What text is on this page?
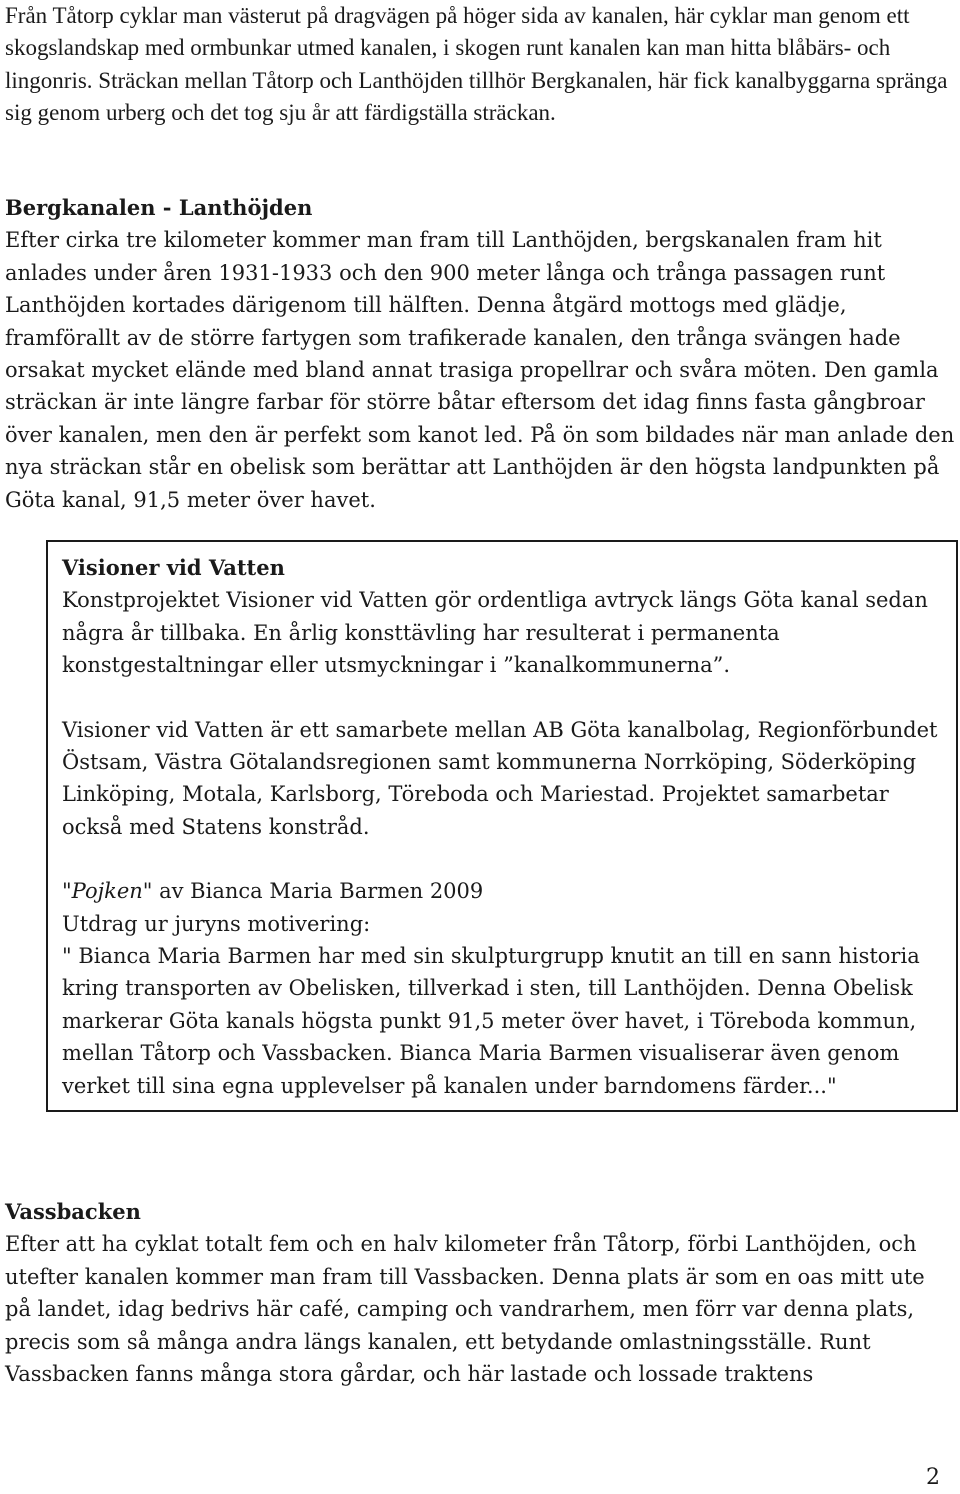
Från Tåtorp cyklar man västerut på dragvägen på höger sida av kanalen, här cyklar man genom ett skogslandskap med ormbunkar utmed kanalen, i skogen runt kanalen kan man hitta blåbärs- och lingonris. Sträckan mellan Tåtorp och Lanthöjden tillhör Bergkanalen, här fick kanalbyggarna spränga sig genom urberg och det tog sju år att färdigställa sträckan.

Bergkanalen - Lanthöjden

Efter cirka tre kilometer kommer man fram till Lanthöjden, bergskanalen fram hit anlades under åren 1931-1933 och den 900 meter långa och trånga passagen runt Lanthöjden kortades därigenom till hälften. Denna åtgärd mottogs med glädje, framförallt av de större fartygen som trafikerade kanalen, den trånga svängen hade orsakat mycket elände med bland annat trasiga propellrar och svåra möten. Den gamla sträckan är inte längre farbar för större båtar eftersom det idag finns fasta gångbroar över kanalen, men den är perfekt som kanot led. På ön som bildades när man anlade den nya sträckan står en obelisk som berättar att Lanthöjden är den högsta landpunkten på Göta kanal, 91,5 meter över havet.

Visioner vid Vatten

Konstprojektet Visioner vid Vatten gör ordentliga avtryck längs Göta kanal sedan några år tillbaka. En årlig konsttävling har resulterat i permanenta konstgestaltningar eller utsmyckningar i ”kanalkommunerna”.

Visioner vid Vatten är ett samarbete mellan AB Göta kanalbolag, Regionförbundet Östsam, Västra Götalandsregionen samt kommunerna Norrköping, Söderköping Linköping, Motala, Karlsborg, Töreboda och Mariestad. Projektet samarbetar också med Statens konstråd.

"Pojken" av Bianca Maria Barmen 2009

Utdrag ur juryns motivering:

" Bianca Maria Barmen har med sin skulpturgrupp knutit an till en sann historia kring transporten av Obelisken, tillverkad i sten, till Lanthöjden. Denna Obelisk markerar Göta kanals högsta punkt 91,5 meter över havet, i Töreboda kommun, mellan Tåtorp och Vassbacken. Bianca Maria Barmen visualiserar även genom verket till sina egna upplevelser på kanalen under barndomens färder..."

Vassbacken

Efter att ha cyklat totalt fem och en halv kilometer från Tåtorp, förbi Lanthöjden, och utefter kanalen kommer man fram till Vassbacken. Denna plats är som en oas mitt ute på landet, idag bedrivs här café, camping och vandrarhem, men förr var denna plats, precis som så många andra längs kanalen, ett betydande omlastningsställe. Runt Vassbacken fanns många stora gårdar, och här lastade och lossade traktens

2
